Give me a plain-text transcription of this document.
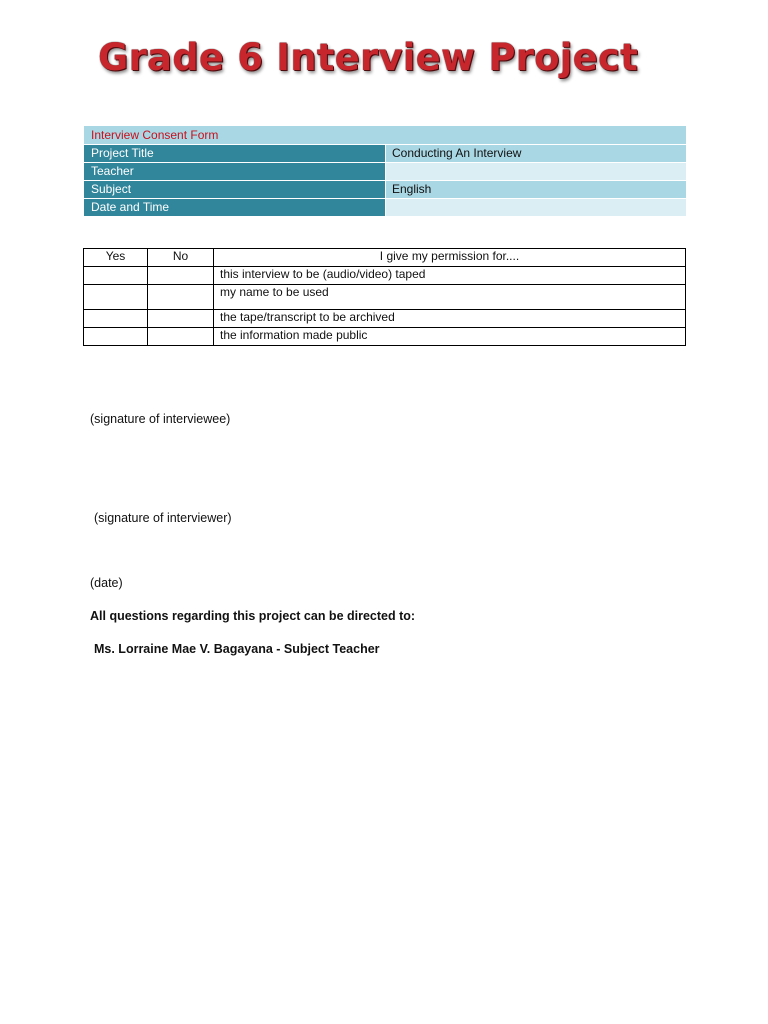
Grade 6 Interview Project
Interview Consent Form
Project Title	Conducting An Interview
Teacher
Subject	English
Date and Time
Yes	No	I give my permission for....
		this interview to be (audio/video) taped
		my name to be used
		the tape/transcript to be archived
		the information made public
(signature of interviewee)
(signature of interviewer)
(date)
All questions regarding this project can be directed to:
Ms. Lorraine Mae V. Bagayana - Subject Teacher
